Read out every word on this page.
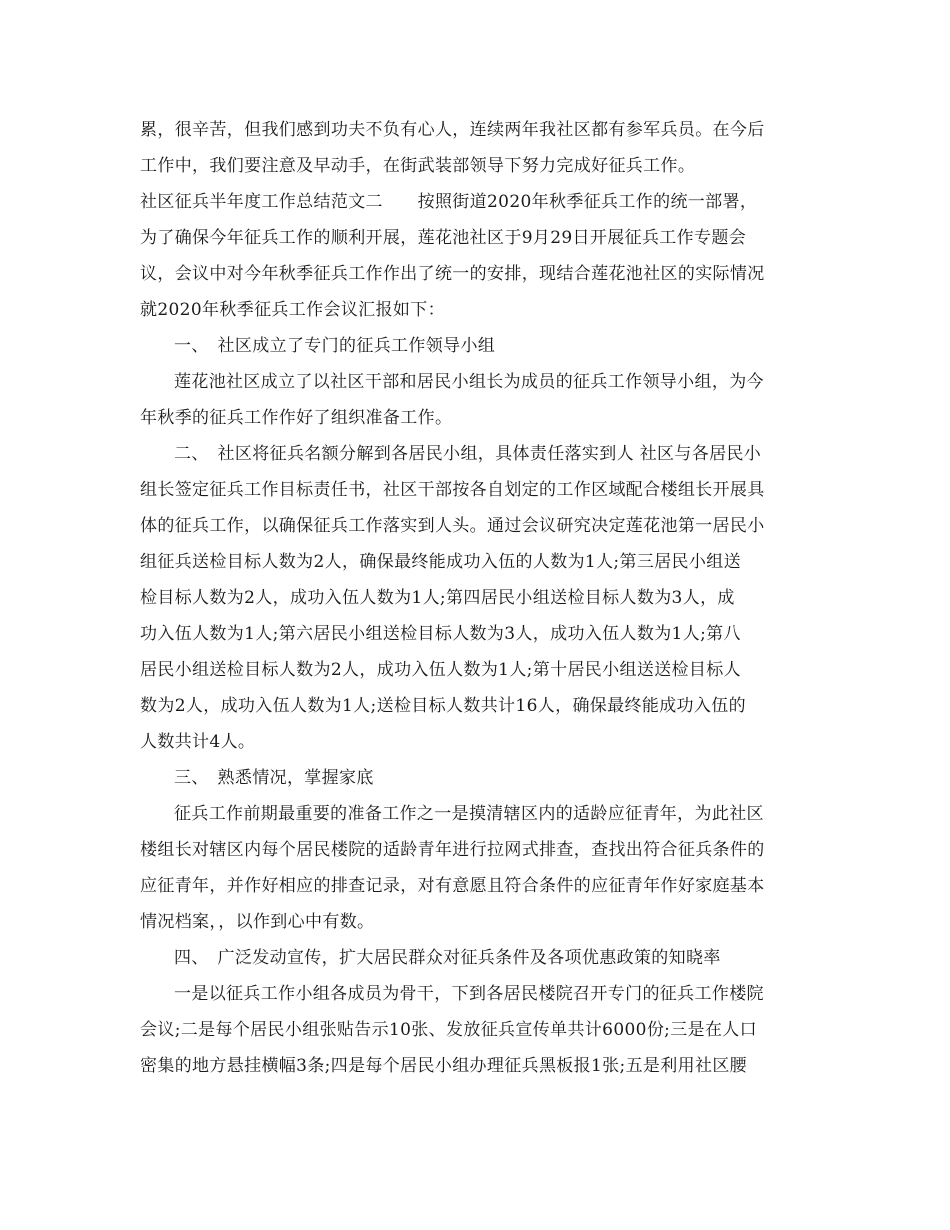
累，很辛苦，但我们感到功夫不负有心人，连续两年我社区都有参军兵员。在今后

工作中，我们要注意及早动手，在街武装部领导下努力完成好征兵工作。

社区征兵半年度工作总结范文二　　按照街道2020年秋季征兵工作的统一部署，

为了确保今年征兵工作的顺利开展，莲花池社区于9月29日开展征兵工作专题会

议，会议中对今年秋季征兵工作作出了统一的安排，现结合莲花池社区的实际情况

就2020年秋季征兵工作会议汇报如下：

一、　社区成立了专门的征兵工作领导小组

莲花池社区成立了以社区干部和居民小组长为成员的征兵工作领导小组，为今

年秋季的征兵工作作好了组织准备工作。

二、　社区将征兵名额分解到各居民小组，具体责任落实到人 社区与各居民小

组长签定征兵工作目标责任书，社区干部按各自划定的工作区域配合楼组长开展具

体的征兵工作，以确保征兵工作落实到人头。通过会议研究决定莲花池第一居民小

组征兵送检目标人数为2人，确保最终能成功入伍的人数为1人;第三居民小组送

检目标人数为2人，成功入伍人数为1人;第四居民小组送检目标人数为3人，成

功入伍人数为1人;第六居民小组送检目标人数为3人，成功入伍人数为1人;第八

居民小组送检目标人数为2人，成功入伍人数为1人;第十居民小组送送检目标人

数为2人，成功入伍人数为1人;送检目标人数共计16人，确保最终能成功入伍的

人数共计4人。

三、　熟悉情况，掌握家底

征兵工作前期最重要的准备工作之一是摸清辖区内的适龄应征青年，为此社区

楼组长对辖区内每个居民楼院的适龄青年进行拉网式排查，查找出符合征兵条件的

应征青年，并作好相应的排查记录，对有意愿且符合条件的应征青年作好家庭基本

情况档案，，以作到心中有数。

四、　广泛发动宣传，扩大居民群众对征兵条件及各项优惠政策的知晓率

一是以征兵工作小组各成员为骨干，下到各居民楼院召开专门的征兵工作楼院

会议;二是每个居民小组张贴告示10张、发放征兵宣传单共计6000份;三是在人口

密集的地方悬挂横幅3条;四是每个居民小组办理征兵黑板报1张;五是利用社区腰
